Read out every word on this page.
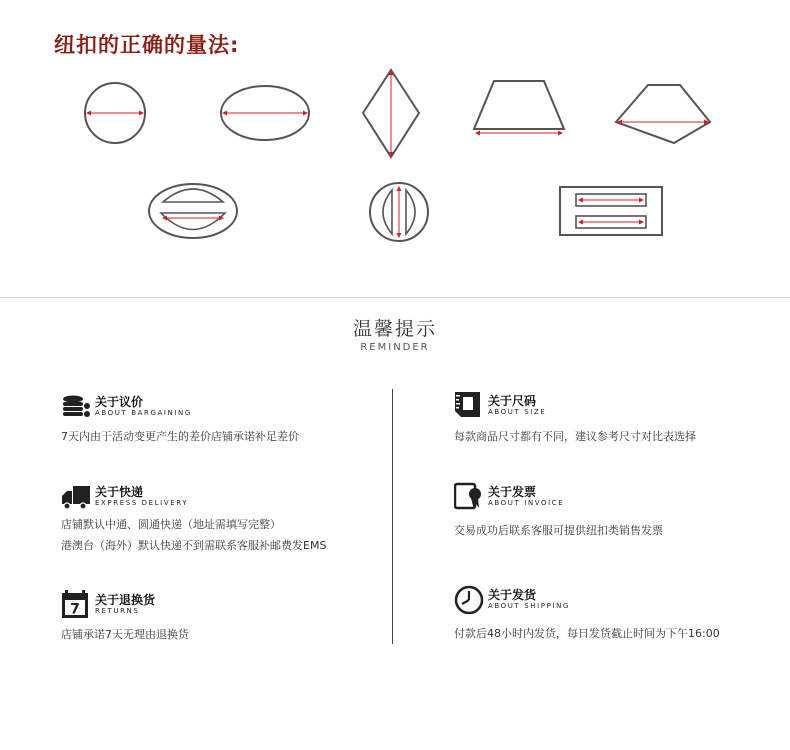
纽扣的正确的量法:
温馨提示
REMINDER
关于议价
ABOUT BARGAINING
7天内由于活动变更产生的差价店铺承诺补足差价
关于快递
EXPRESS DELIVERY
店铺默认中通、圆通快递（地址需填写完整）
港澳台（海外）默认快递不到需联系客服补邮费发EMS
7
关于退换货
RETURNS
店铺承诺7天无理由退换货
关于尺码
ABOUT SIZE
每款商品尺寸都有不同，建议参考尺寸对比表选择
关于发票
ABOUT INVOICE
交易成功后联系客服可提供纽扣类销售发票
关于发货
ABOUT SHIPPING
付款后48小时内发货，每日发货截止时间为下午16:00
